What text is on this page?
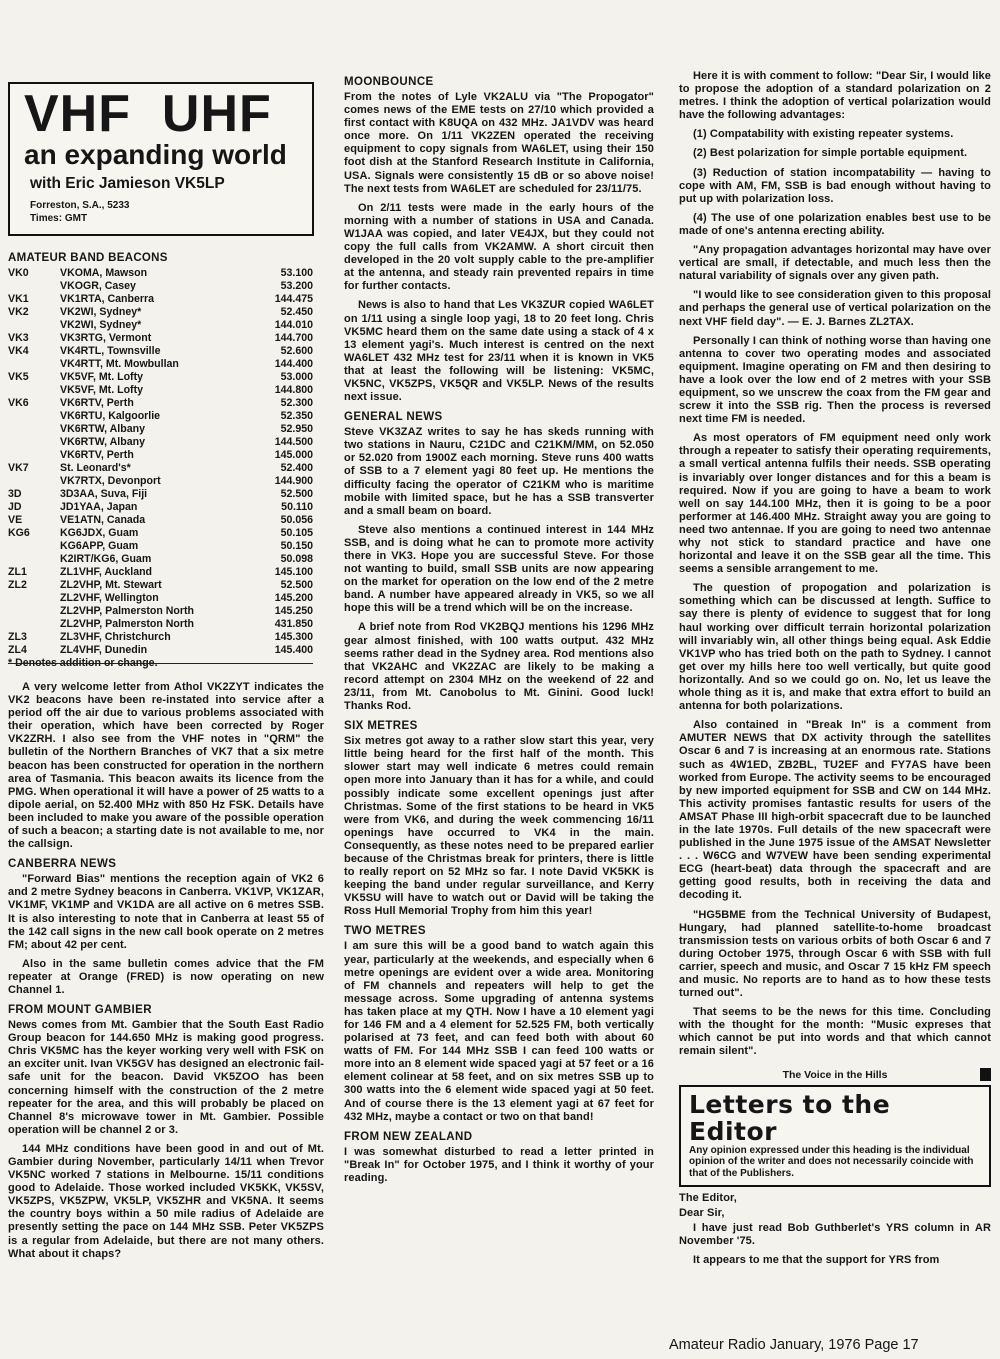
VHF  UHF
an expanding world
with Eric Jamieson VK5LP
Forreston, S.A., 5233
Times: GMT
AMATEUR BAND BEACONS
VK0	VKOMA, Mawson	53.100
VKOGR, Casey	53.200
VK1	VK1RTA, Canberra	144.475
VK2	VK2WI, Sydney*	52.450
VK2WI, Sydney*	144.010
VK3	VK3RTG, Vermont	144.700
VK4	VK4RTL, Townsville	52.600
VK4RTT, Mt. Mowbullan	144.400
VK5	VK5VF, Mt. Lofty	53.000
VK5VF, Mt. Lofty	144.800
VK6	VK6RTV, Perth	52.300
VK6RTU, Kalgoorlie	52.350
VK6RTW, Albany	52.950
VK6RTW, Albany	144.500
VK6RTV, Perth	145.000
VK7	St. Leonard's*	52.400
VK7RTX, Devonport	144.900
3D	3D3AA, Suva, Fiji	52.500
JD	JD1YAA, Japan	50.110
VE	VE1ATN, Canada	50.056
KG6	KG6JDX, Guam	50.105
KG6APP, Guam	50.150
K2IRT/KG6, Guam	50.098
ZL1	ZL1VHF, Auckland	145.100
ZL2	ZL2VHP, Mt. Stewart	52.500
ZL2VHF, Wellington	145.200
ZL2VHP, Palmerston North	145.250
ZL2VHP, Palmerston North	431.850
ZL3	ZL3VHF, Christchurch	145.300
ZL4	ZL4VHF, Dunedin	145.400
* Denotes addition or change.

A very welcome letter from Athol VK2ZYT indicates the VK2 beacons have been re-instated into service after a period off the air due to various problems associated with their operation, which have been corrected by Roger VK2ZRH. I also see from the VHF notes in "QRM" the bulletin of the Northern Branches of VK7 that a six metre beacon has been constructed for operation in the northern area of Tasmania. This beacon awaits its licence from the PMG. When operational it will have a power of 25 watts to a dipole aerial, on 52.400 MHz with 850 Hz FSK. Details have been included to make you aware of the possible operation of such a beacon; a starting date is not available to me, nor the callsign.

CANBERRA NEWS

"Forward Bias" mentions the reception again of VK2 6 and 2 metre Sydney beacons in Canberra. VK1VP, VK1ZAR, VK1MF, VK1MP and VK1DA are all active on 6 metres SSB. It is also interesting to note that in Canberra at least 55 of the 142 call signs in the new call book operate on 2 metres FM; about 42 per cent.

Also in the same bulletin comes advice that the FM repeater at Orange (FRED) is now operating on new Channel 1.

FROM MOUNT GAMBIER

News comes from Mt. Gambier that the South East Radio Group beacon for 144.650 MHz is making good progress. Chris VK5MC has the keyer working very well with FSK on an exciter unit. Ivan VK5GV has designed an electronic fail-safe unit for the beacon. David VK5ZOO has been concerning himself with the construction of the 2 metre repeater for the area, and this will probably be placed on Channel 8's microwave tower in Mt. Gambier. Possible operation will be channel 2 or 3.

144 MHz conditions have been good in and out of Mt. Gambier during November, particularly 14/11 when Trevor VK5NC worked 7 stations in Melbourne. 15/11 conditions good to Adelaide. Those worked included VK5KK, VK5SV, VK5ZPS, VK5ZPW, VK5LP, VK5ZHR and VK5NA. It seems the country boys within a 50 mile radius of Adelaide are presently setting the pace on 144 MHz SSB. Peter VK5ZPS is a regular from Adelaide, but there are not many others. What about it chaps?

MOONBOUNCE

From the notes of Lyle VK2ALU via "The Propogator" comes news of the EME tests on 27/10 which provided a first contact with K8UQA on 432 MHz. JA1VDV was heard once more. On 1/11 VK2ZEN operated the receiving equipment to copy signals from WA6LET, using their 150 foot dish at the Stanford Research Institute in California, USA. Signals were consistently 15 dB or so above noise! The next tests from WA6LET are scheduled for 23/11/75.

On 2/11 tests were made in the early hours of the morning with a number of stations in USA and Canada. W1JAA was copied, and later VE4JX, but they could not copy the full calls from VK2AMW. A short circuit then developed in the 20 volt supply cable to the pre-amplifier at the antenna, and steady rain prevented repairs in time for further contacts.

News is also to hand that Les VK3ZUR copied WA6LET on 1/11 using a single loop yagi, 18 to 20 feet long. Chris VK5MC heard them on the same date using a stack of 4 x 13 element yagi's. Much interest is centred on the next WA6LET 432 MHz test for 23/11 when it is known in VK5 that at least the following will be listening: VK5MC, VK5NC, VK5ZPS, VK5QR and VK5LP. News of the results next issue.

GENERAL NEWS

Steve VK3ZAZ writes to say he has skeds running with two stations in Nauru, C21DC and C21KM/MM, on 52.050 or 52.020 from 1900Z each morning. Steve runs 400 watts of SSB to a 7 element yagi 80 feet up. He mentions the difficulty facing the operator of C21KM who is maritime mobile with limited space, but he has a SSB transverter and a small beam on board.

Steve also mentions a continued interest in 144 MHz SSB, and is doing what he can to promote more activity there in VK3. Hope you are successful Steve. For those not wanting to build, small SSB units are now appearing on the market for operation on the low end of the 2 metre band. A number have appeared already in VK5, so we all hope this will be a trend which will be on the increase.

A brief note from Rod VK2BQJ mentions his 1296 MHz gear almost finished, with 100 watts output. 432 MHz seems rather dead in the Sydney area. Rod mentions also that VK2AHC and VK2ZAC are likely to be making a record attempt on 2304 MHz on the weekend of 22 and 23/11, from Mt. Canobolus to Mt. Ginini. Good luck! Thanks Rod.

SIX METRES

Six metres got away to a rather slow start this year, very little being heard for the first half of the month. This slower start may well indicate 6 metres could remain open more into January than it has for a while, and could possibly indicate some excellent openings just after Christmas. Some of the first stations to be heard in VK5 were from VK6, and during the week commencing 16/11 openings have occurred to VK4 in the main. Consequently, as these notes need to be prepared earlier because of the Christmas break for printers, there is little to really report on 52 MHz so far. I note David VK5KK is keeping the band under regular surveillance, and Kerry VK5SU will have to watch out or David will be taking the Ross Hull Memorial Trophy from him this year!

TWO METRES

I am sure this will be a good band to watch again this year, particularly at the weekends, and especially when 6 metre openings are evident over a wide area. Monitoring of FM channels and repeaters will help to get the message across. Some upgrading of antenna systems has taken place at my QTH. Now I have a 10 element yagi for 146 FM and a 4 element for 52.525 FM, both vertically polarised at 73 feet, and can feed both with about 60 watts of FM. For 144 MHz SSB I can feed 100 watts or more into an 8 element wide spaced yagi at 57 feet or a 16 element colinear at 58 feet, and on six metres SSB up to 300 watts into the 6 element wide spaced yagi at 50 feet. And of course there is the 13 element yagi at 67 feet for 432 MHz, maybe a contact or two on that band!

FROM NEW ZEALAND

I was somewhat disturbed to read a letter printed in "Break In" for October 1975, and I think it worthy of your reading.

Here it is with comment to follow: "Dear Sir, I would like to propose the adoption of a standard polarization on 2 metres. I think the adoption of vertical polarization would have the following advantages:

(1) Compatability with existing repeater systems.

(2) Best polarization for simple portable equipment.

(3) Reduction of station incompatability — having to cope with AM, FM, SSB is bad enough without having to put up with polarization loss.

(4) The use of one polarization enables best use to be made of one's antenna erecting ability.

"Any propagation advantages horizontal may have over vertical are small, if detectable, and much less then the natural variability of signals over any given path.

"I would like to see consideration given to this proposal and perhaps the general use of vertical polarization on the next VHF field day". — E. J. Barnes ZL2TAX.

Personally I can think of nothing worse than having one antenna to cover two operating modes and associated equipment. Imagine operating on FM and then desiring to have a look over the low end of 2 metres with your SSB equipment, so we unscrew the coax from the FM gear and screw it into the SSB rig. Then the process is reversed next time FM is needed.

As most operators of FM equipment need only work through a repeater to satisfy their operating requirements, a small vertical antenna fulfils their needs. SSB operating is invariably over longer distances and for this a beam is required. Now if you are going to have a beam to work well on say 144.100 MHz, then it is going to be a poor performer at 146.400 MHz. Straight away you are going to need two antennae. If you are going to need two antennae why not stick to standard practice and have one horizontal and leave it on the SSB gear all the time. This seems a sensible arrangement to me.

The question of propogation and polarization is something which can be discussed at length. Suffice to say there is plenty of evidence to suggest that for long haul working over difficult terrain horizontal polarization will invariably win, all other things being equal. Ask Eddie VK1VP who has tried both on the path to Sydney. I cannot get over my hills here too well vertically, but quite good horizontally. And so we could go on. No, let us leave the whole thing as it is, and make that extra effort to build an antenna for both polarizations.

Also contained in "Break In" is a comment from AMUTER NEWS that DX activity through the satellites Oscar 6 and 7 is increasing at an enormous rate. Stations such as 4W1ED, ZB2BL, TU2EF and FY7AS have been worked from Europe. The activity seems to be encouraged by new imported equipment for SSB and CW on 144 MHz. This activity promises fantastic results for users of the AMSAT Phase III high-orbit spacecraft due to be launched in the late 1970s. Full details of the new spacecraft were published in the June 1975 issue of the AMSAT Newsletter . . . W6CG and W7VEW have been sending experimental ECG (heart-beat) data through the spacecraft and are getting good results, both in receiving the data and decoding it.

"HG5BME from the Technical University of Budapest, Hungary, had planned satellite-to-home broadcast transmission tests on various orbits of both Oscar 6 and 7 during October 1975, through Oscar 6 with SSB with full carrier, speech and music, and Oscar 7 15 kHz FM speech and music. No reports are to hand as to how these tests turned out".

That seems to be the news for this time. Concluding with the thought for the month: "Music expreses that which cannot be put into words and that which cannot remain silent".

The Voice in the Hills
Letters to the Editor
Any opinion expressed under this heading is the individual opinion of the writer and does not necessarily coincide with that of the Publishers.

The Editor,

Dear Sir,

I have just read Bob Guthberlet's YRS column in AR November '75.

It appears to me that the support for YRS from

Amateur Radio January, 1976 Page 17
